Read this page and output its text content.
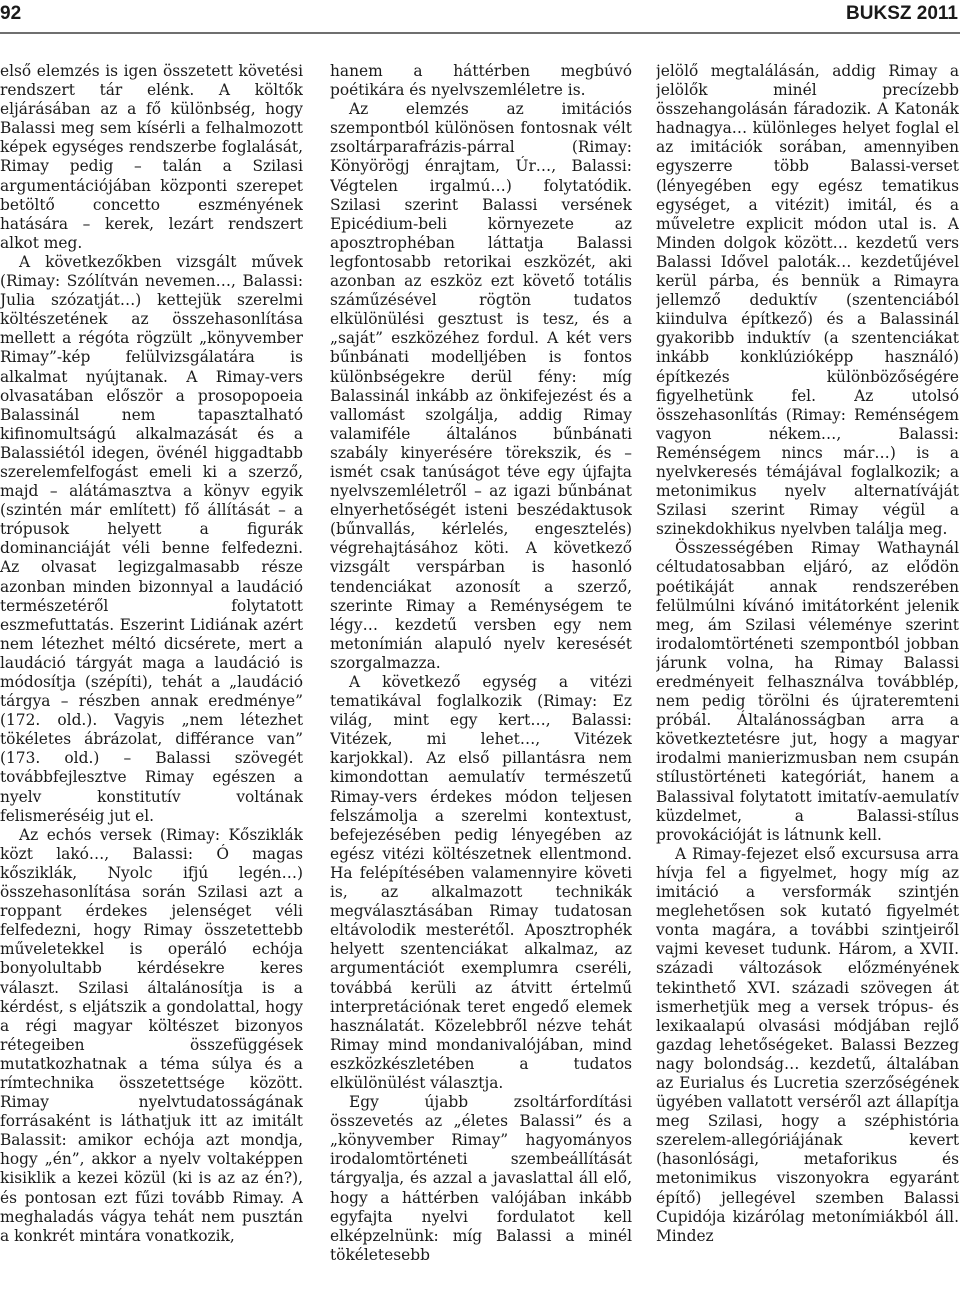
92	BUKSZ 2011

első elemzés is igen összetett követési rendszert tár elénk. A költők eljárásában az a fő különbség, hogy Balassi meg sem kísérli a felhalmozott képek egységes rendszerbe foglalását, Rimay pedig – talán a Szilasi argumentációjában központi szerepet betöltő concetto eszményének hatására – kerek, lezárt rendszert alkot meg.

A következőkben vizsgált művek (Rimay: Szólítván nevemen…, Balassi: Julia szózatját…) kettejük szerelmi költészetének az összehasonlítása mellett a régóta rögzült „könyvember Rimay”-kép felülvizsgálatára is alkalmat nyújtanak. A Rimay-vers olvasatában először a prosopopoeia Balassinál nem tapasztalható kifinomultságú alkalmazását és a Balassiétól idegen, övénél higgadtabb szerelemfelfogást emeli ki a szerző, majd – alátámasztva a könyv egyik (szintén már említett) fő állítását – a trópusok helyett a figurák dominanciáját véli benne felfedezni. Az olvasat legizgalmasabb része azonban minden bizonnyal a laudáció természetéről folytatott eszmefuttatás. Eszerint Lidiának azért nem létezhet méltó dicsérete, mert a laudáció tárgyát maga a laudáció is módosítja (szépíti), tehát a „laudáció tárgya – részben annak eredménye” (172. old.). Vagyis „nem létezhet tökéletes ábrázolat, différance van” (173. old.) – Balassi szövegét továbbfejlesztve Rimay egészen a nyelv konstitutív voltának felismeréséig jut el.

Az echós versek (Rimay: Kősziklák közt lakó…, Balassi: Ó magas kősziklák, Nyolc ifjú legén…) összehasonlítása során Szilasi azt a roppant érdekes jelenséget véli felfedezni, hogy Rimay összetettebb műveletekkel is operáló echója bonyolultabb kérdésekre keres választ. Szilasi általánosítja is a kérdést, s eljátszik a gondolattal, hogy a régi magyar költészet bizonyos rétegeiben összefüggések mutatkozhatnak a téma súlya és a rímtechnika összetettsége között. Rimay nyelvtudatosságának forrásaként is láthatjuk itt az imitált Balassit: amikor echója azt mondja, hogy „én”, akkor a nyelv voltaképpen kisiklik a kezei közül (ki is az az én?), és pontosan ezt fűzi tovább Rimay. A meghaladás vágya tehát nem pusztán a konkrét mintára vonatkozik,

hanem a háttérben megbúvó poétikára és nyelvszemléletre is.

Az elemzés az imitációs szempontból különösen fontosnak vélt zsoltárparafrázis-párral (Rimay: Könyörögj énrajtam, Úr…, Balassi: Végtelen irgalmú…) folytatódik. Szilasi szerint Balassi versének Epicédium-beli környezete az aposztrophéban láttatja Balassi legfontosabb retorikai eszközét, aki azonban az eszköz ezt követő totális száműzésével rögtön tudatos elkülönülési gesztust is tesz, és a „saját” eszközéhez fordul. A két vers bűnbánati modelljében is fontos különbségekre derül fény: míg Balassinál inkább az önkifejezést és a vallomást szolgálja, addig Rimay valamiféle általános bűnbánati szabály kinyerésére törekszik, és – ismét csak tanúságot téve egy újfajta nyelvszemléletről – az igazi bűnbánat elnyerhetőségét isteni beszédaktusok (bűnvallás, kérlelés, engesztelés) végrehajtásához köti. A következő vizsgált verspárban is hasonló tendenciákat azonosít a szerző, szerinte Rimay a Reménységem te légy… kezdetű versben egy nem metonímián alapuló nyelv keresését szorgalmazza.

A következő egység a vitézi tematikával foglalkozik (Rimay: Ez világ, mint egy kert…, Balassi: Vitézek, mi lehet…, Vitézek karjokkal). Az első pillantásra nem kimondottan aemulatív természetű Rimay-vers érdekes módon teljesen felszámolja a szerelmi kontextust, befejezésében pedig lényegében az egész vitézi költészetnek ellentmond. Ha felépítésében valamennyire követi is, az alkalmazott technikák megválasztásában Rimay tudatosan eltávolodik mesterétől. Aposztrophék helyett szentenciákat alkalmaz, az argumentációt exemplumra cseréli, továbbá kerüli az átvitt értelmű interpretációnak teret engedő elemek használatát. Közelebbről nézve tehát Rimay mind mondanivalójában, mind eszközkészletében a tudatos elkülönülést választja.

Egy újabb zsoltárfordítási összevetés az „életes Balassi” és a „könyvember Rimay” hagyományos irodalomtörténeti szembeállítását tárgyalja, és azzal a javaslattal áll elő, hogy a háttérben valójában inkább egyfajta nyelvi fordulatot kell elképzelnünk: míg Balassi a minél tökéletesebb

jelölő megtalálásán, addig Rimay a jelölők minél precízebb összehangolásán fáradozik. A Katonák hadnagya… különleges helyet foglal el az imitációk sorában, amennyiben egyszerre több Balassi-verset (lényegében egy egész tematikus egységet, a vitézit) imitál, és a műveletre explicit módon utal is. A Minden dolgok között… kezdetű vers Balassi Idővel paloták… kezdetűjével kerül párba, és bennük a Rimayra jellemző deduktív (szentenciából kiindulva építkező) és a Balassinál gyakoribb induktív (a szentenciákat inkább konklúzióképp használó) építkezés különbözőségére figyelhetünk fel. Az utolsó összehasonlítás (Rimay: Reménségem vagyon nékem…, Balassi: Reménségem nincs már…) is a nyelvkeresés témájával foglalkozik; a metonimikus nyelv alternatíváját Szilasi szerint Rimay végül a szinekdokhikus nyelvben találja meg.

Összességében Rimay Wathaynál céltudatosabban eljáró, az elődön poétikáját annak rendszerében felülmúlni kívánó imitátorként jelenik meg, ám Szilasi véleménye szerint irodalomtörténeti szempontból jobban járunk volna, ha Rimay Balassi eredményeit felhasználva továbblép, nem pedig törölni és újrateremteni próbál. Általánosságban arra a következtetésre jut, hogy a magyar irodalmi manierizmusban nem csupán stílustörténeti kategóriát, hanem a Balassival folytatott imitatív-aemulatív küzdelmet, a Balassi-stílus provokációját is látnunk kell.

A Rimay-fejezet első excursusa arra hívja fel a figyelmet, hogy míg az imitáció a versformák szintjén meglehetősen sok kutató figyelmét vonta magára, a további szintjeiről vajmi keveset tudunk. Három, a XVII. századi változások előzményének tekinthető XVI. századi szövegen át ismerhetjük meg a versek trópus- és lexikaalapú olvasási módjában rejlő gazdag lehetőségeket. Balassi Bezzeg nagy bolondság… kezdetű, általában az Eurialus és Lucretia szerzőségének ügyében vallatott verséről azt állapítja meg Szilasi, hogy a széphistória szerelem-allegóriájának kevert (hasonlósági, metaforikus és metonimikus viszonyokra egyaránt építő) jellegével szemben Balassi Cupidója kizárólag metonímiákból áll. Mindez
